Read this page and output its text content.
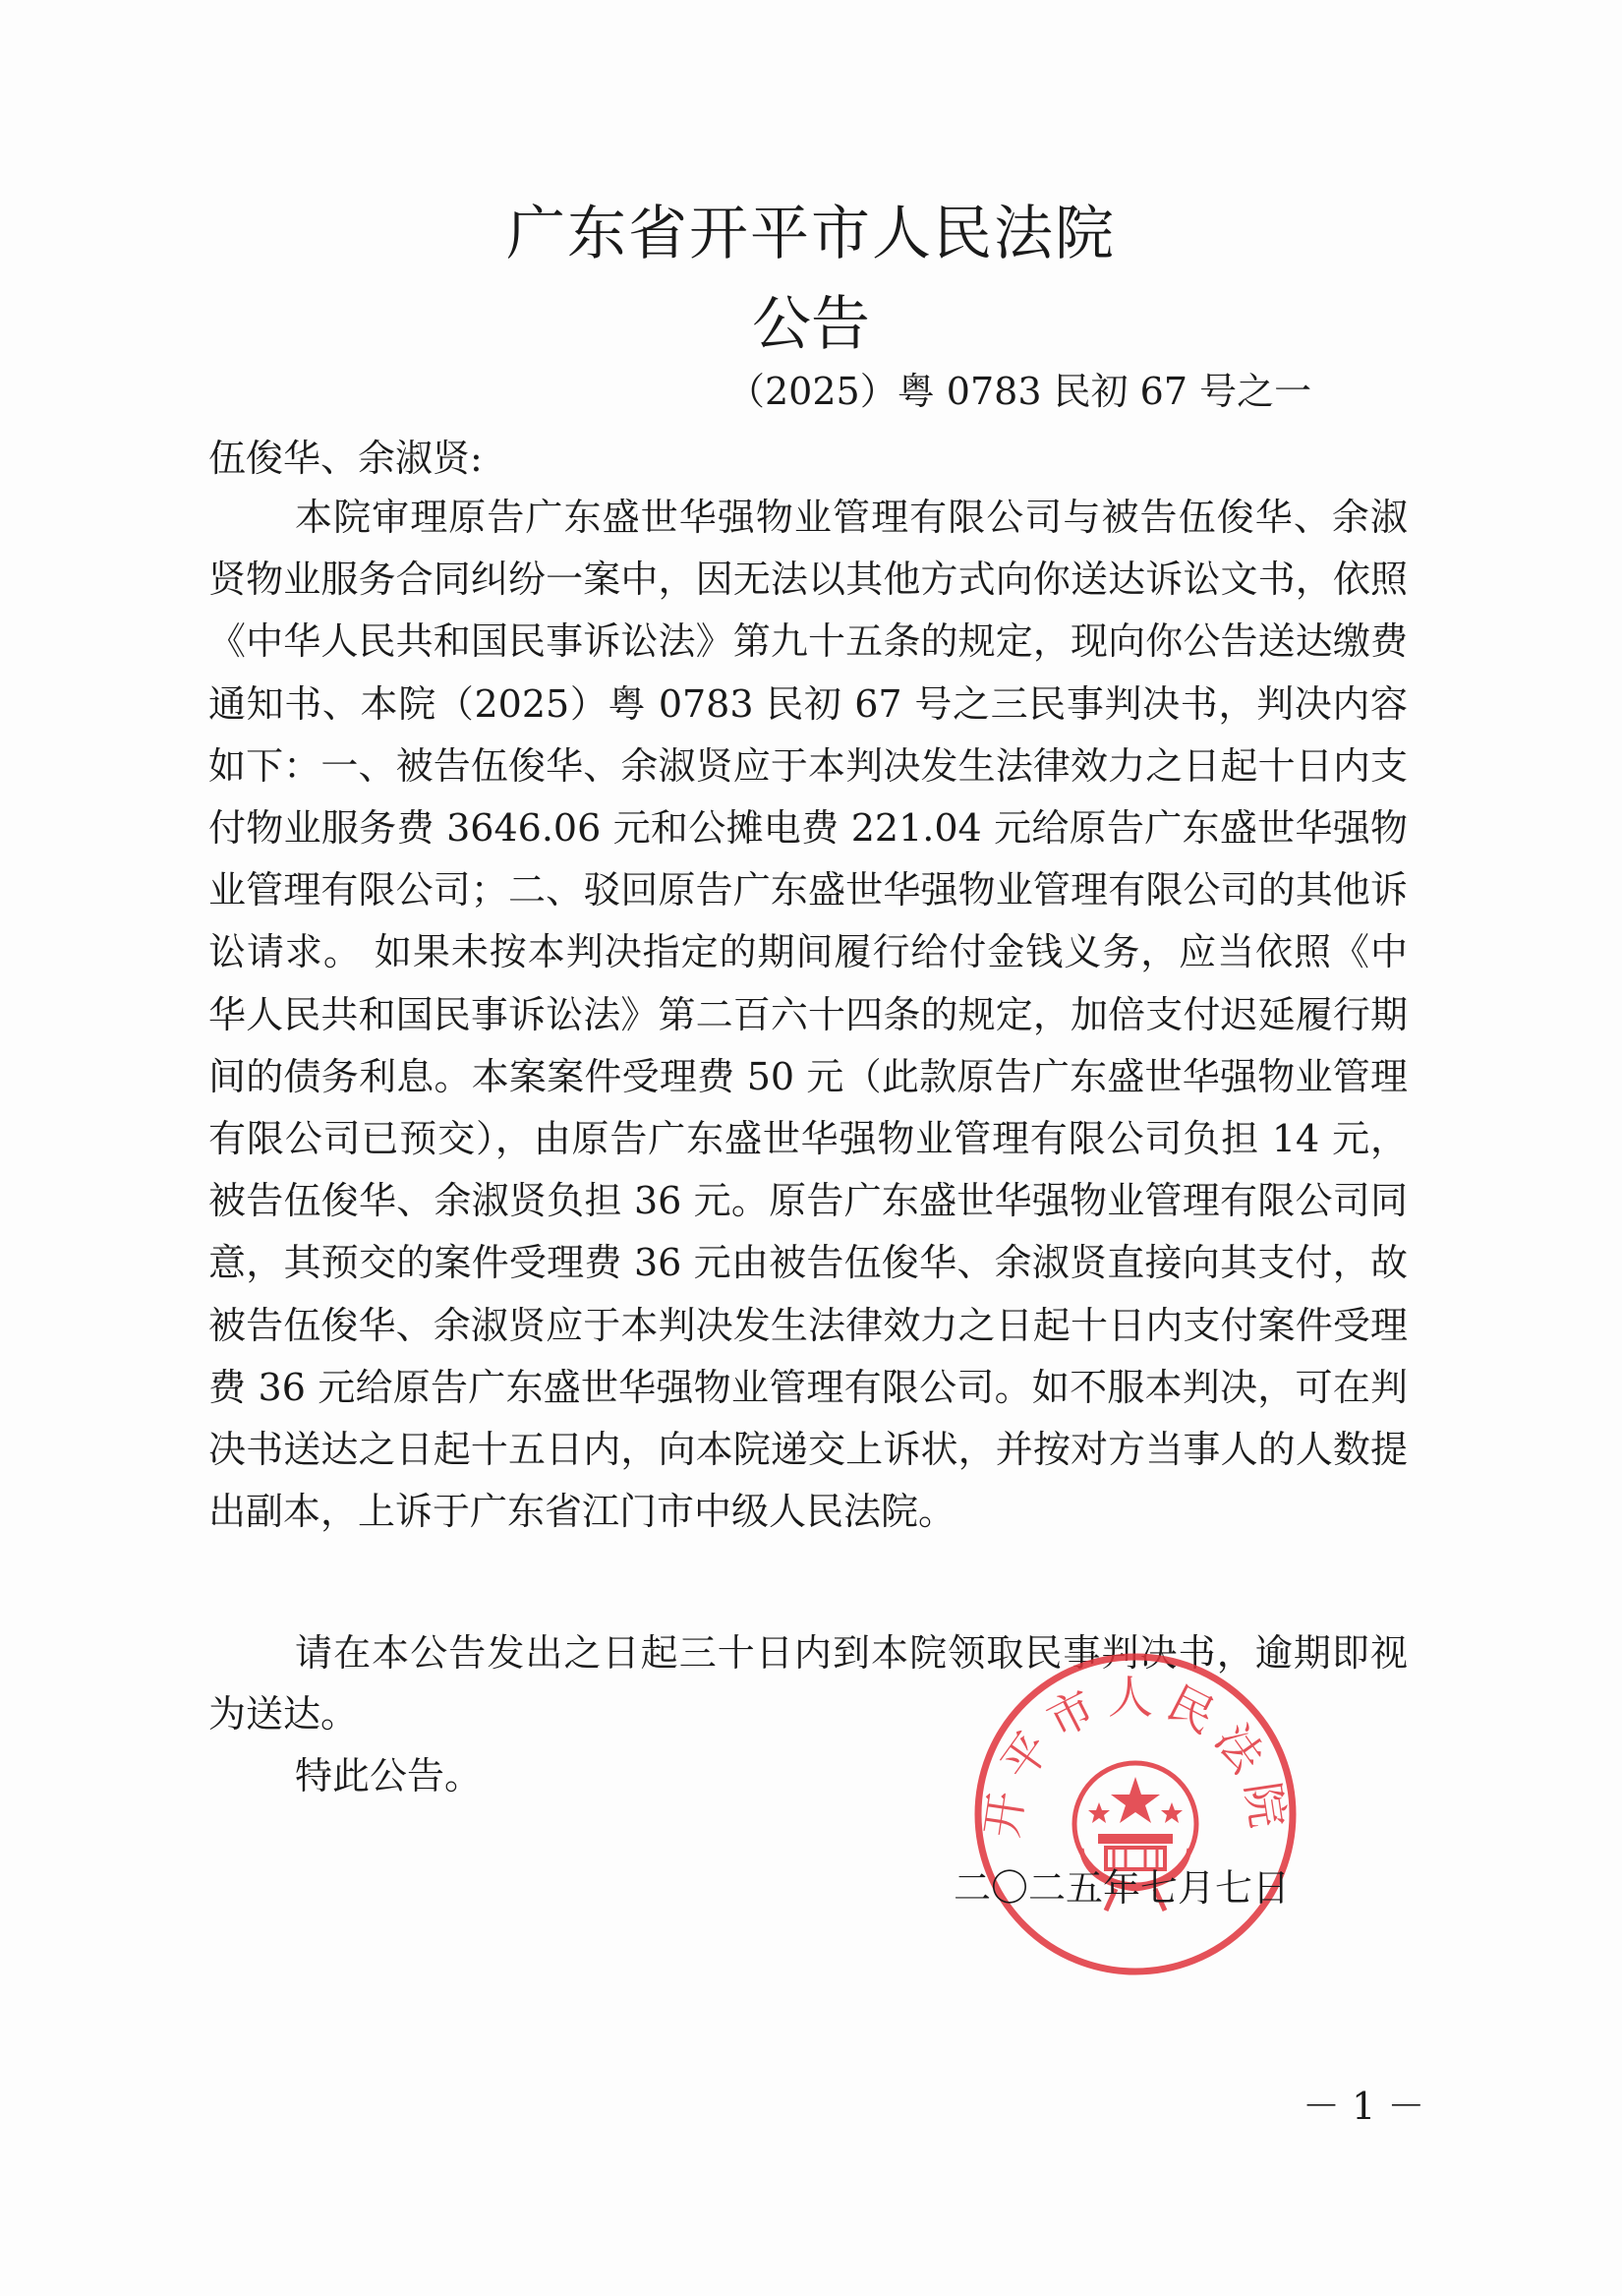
广东省开平市人民法院
公告
（2025）粤 0783 民初 67 号之一
伍俊华、余淑贤:

本院审理原告广东盛世华强物业管理有限公司与被告伍俊华、余淑贤物业服务合同纠纷一案中，因无法以其他方式向你送达诉讼文书，依照《中华人民共和国民事诉讼法》第九十五条的规定，现向你公告送达缴费通知书、本院（2025）粤 0783 民初 67 号之三民事判决书，判决内容如下：一、被告伍俊华、余淑贤应于本判决发生法律效力之日起十日内支付物业服务费 3646.06 元和公摊电费 221.04 元给原告广东盛世华强物业管理有限公司；二、驳回原告广东盛世华强物业管理有限公司的其他诉讼请求。 如果未按本判决指定的期间履行给付金钱义务，应当依照《中华人民共和国民事诉讼法》第二百六十四条的规定，加倍支付迟延履行期间的债务利息。本案案件受理费 50 元（此款原告广东盛世华强物业管理有限公司已预交），由原告广东盛世华强物业管理有限公司负担 14 元，被告伍俊华、余淑贤负担 36 元。原告广东盛世华强物业管理有限公司同意，其预交的案件受理费 36 元由被告伍俊华、余淑贤直接向其支付，故被告伍俊华、余淑贤应于本判决发生法律效力之日起十日内支付案件受理费 36 元给原告广东盛世华强物业管理有限公司。如不服本判决，可在判决书送达之日起十五日内，向本院递交上诉状，并按对方当事人的人数提出副本，上诉于广东省江门市中级人民法院。

请在本公告发出之日起三十日内到本院领取民事判决书，逾期即视为送达。

特此公告。
开平市人民法院
二〇二五年七月七日
－ 1 －
